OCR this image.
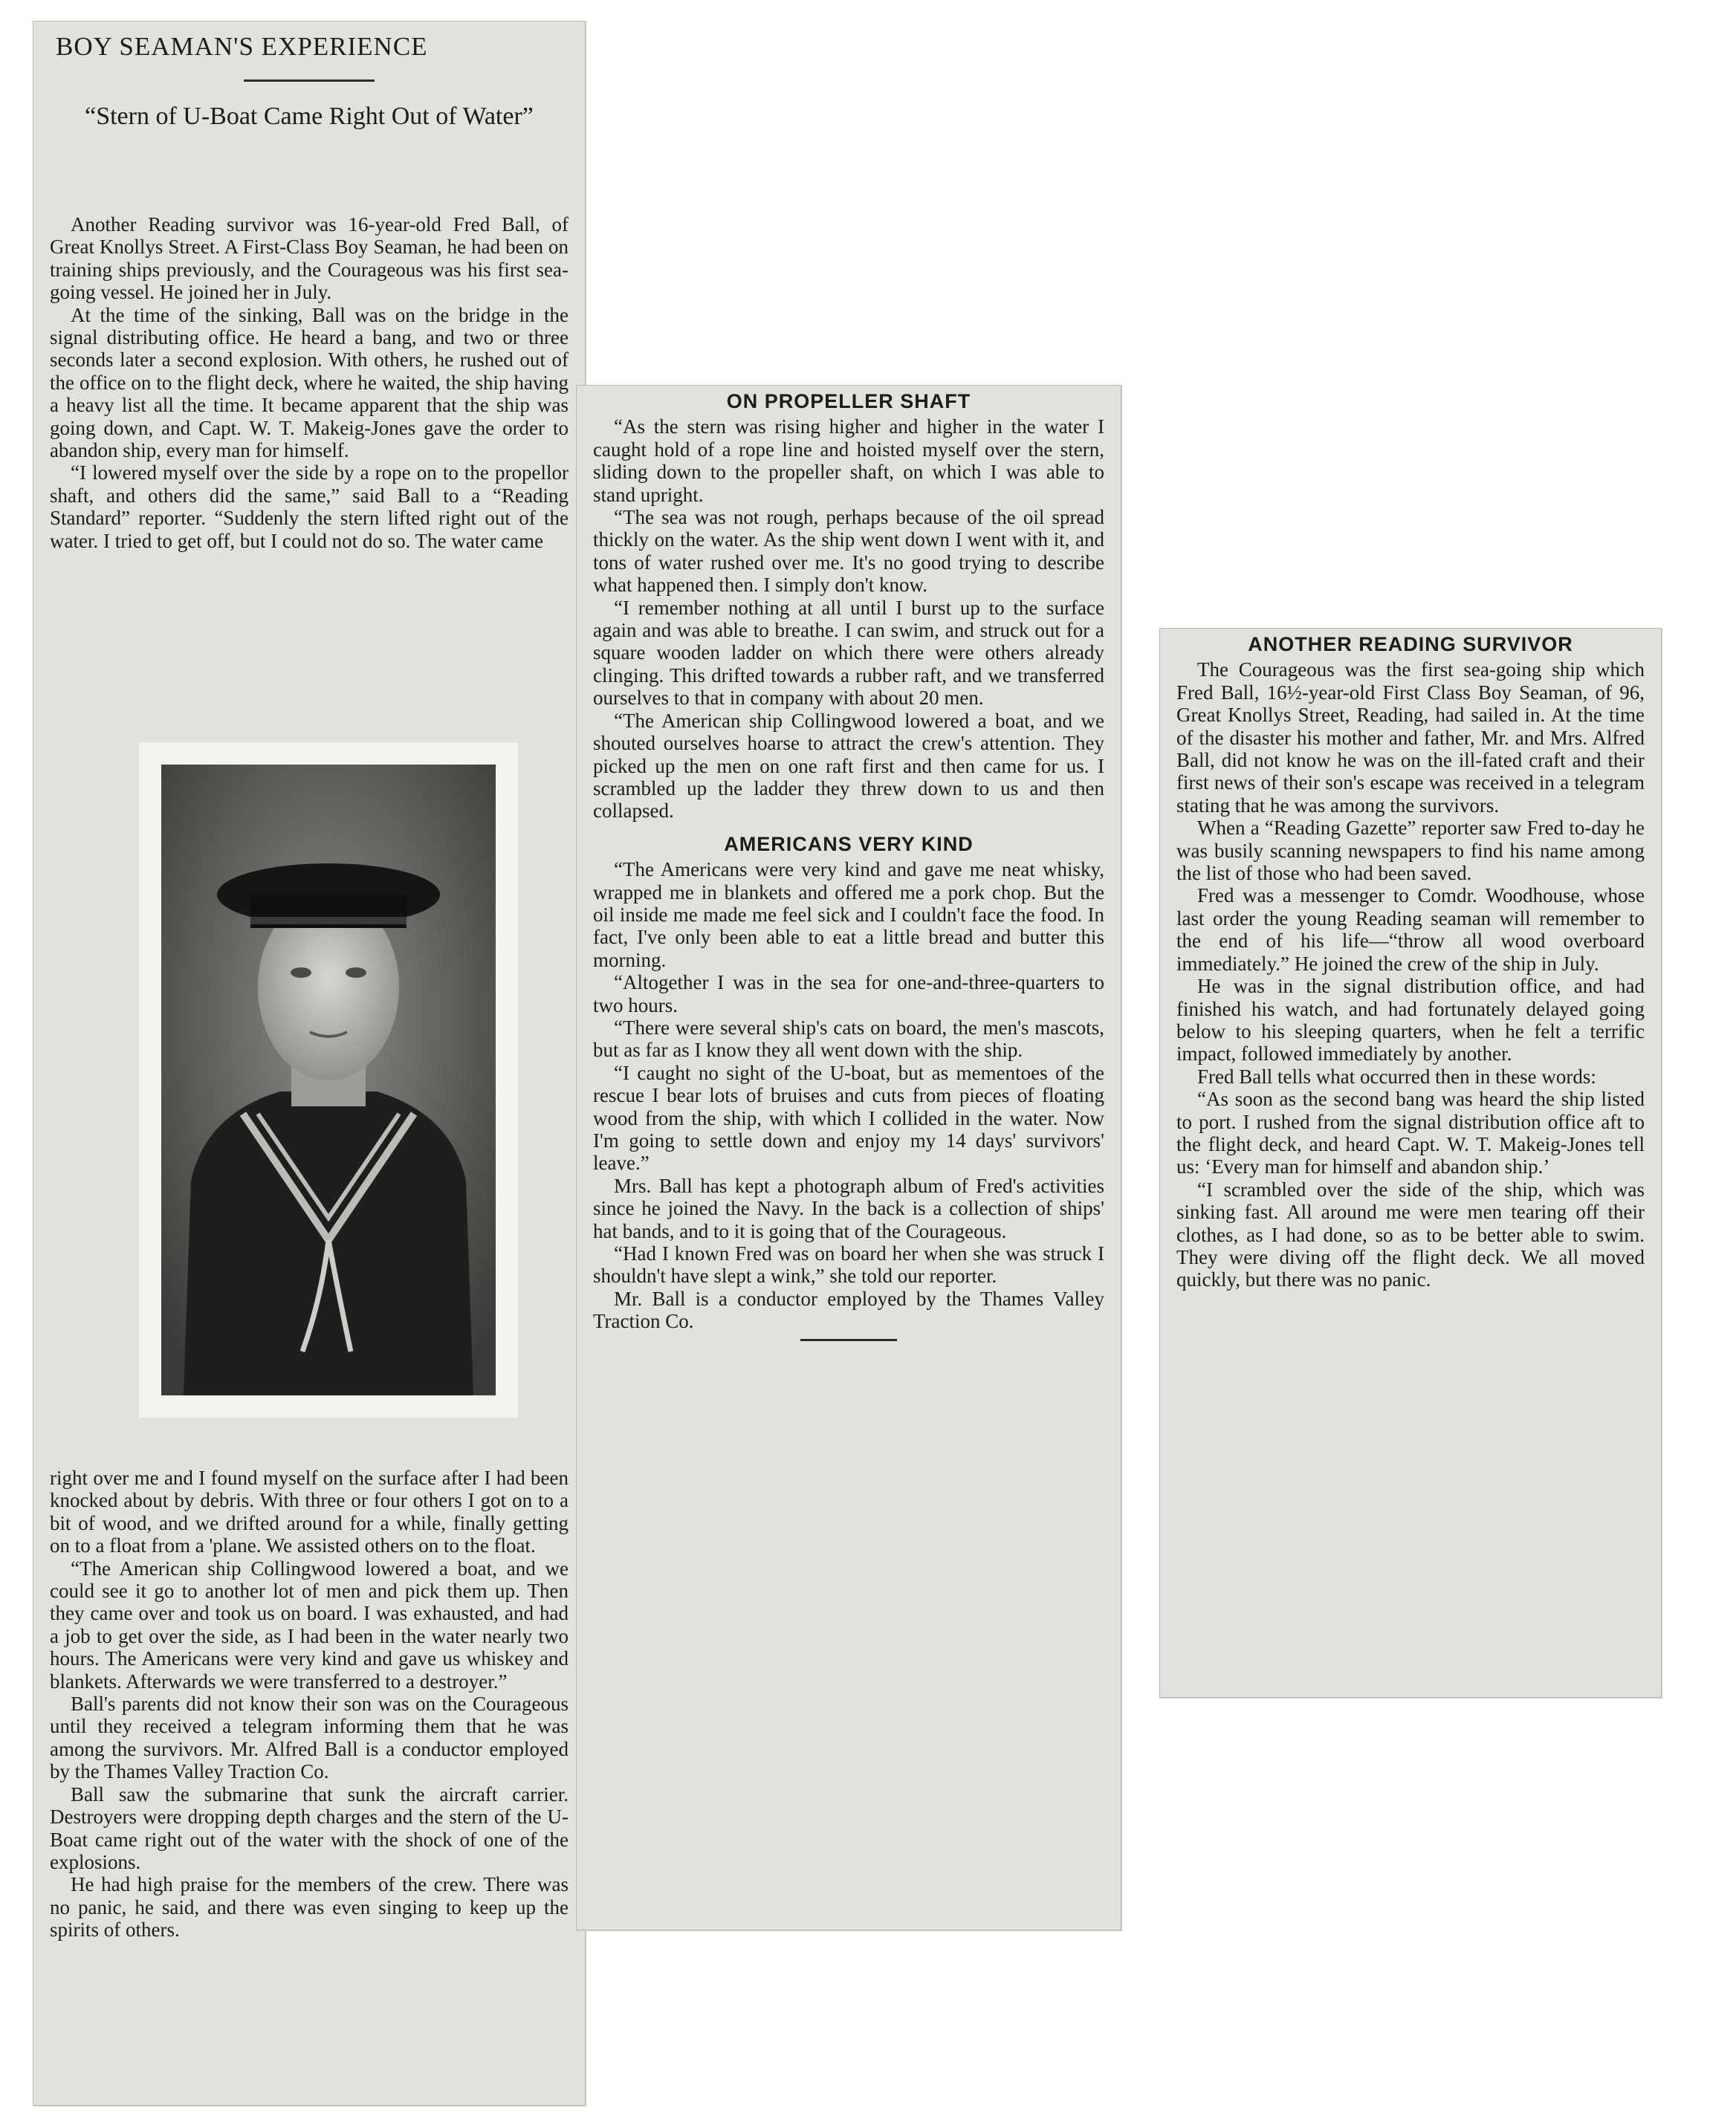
BOY SEAMAN'S EXPERIENCE
“Stern of U-Boat Came Right Out of Water”

Another Reading survivor was 16-year-old Fred Ball, of Great Knollys Street. A First-Class Boy Seaman, he had been on training ships previously, and the Courageous was his first sea-going vessel. He joined her in July.

At the time of the sinking, Ball was on the bridge in the signal distributing office. He heard a bang, and two or three seconds later a second explosion. With others, he rushed out of the office on to the flight deck, where he waited, the ship having a heavy list all the time. It became apparent that the ship was going down, and Capt. W. T. Makeig-Jones gave the order to abandon ship, every man for himself.

“I lowered myself over the side by a rope on to the propellor shaft, and others did the same,” said Ball to a “Reading Standard” reporter. “Suddenly the stern lifted right out of the water. I tried to get off, but I could not do so. The water came

right over me and I found myself on the surface after I had been knocked about by debris. With three or four others I got on to a bit of wood, and we drifted around for a while, finally getting on to a float from a 'plane. We assisted others on to the float.

“The American ship Collingwood lowered a boat, and we could see it go to another lot of men and pick them up. Then they came over and took us on board. I was exhausted, and had a job to get over the side, as I had been in the water nearly two hours. The Americans were very kind and gave us whiskey and blankets. Afterwards we were transferred to a destroyer.”

Ball's parents did not know their son was on the Courageous until they received a telegram informing them that he was among the survivors. Mr. Alfred Ball is a conductor employed by the Thames Valley Traction Co.

Ball saw the submarine that sunk the aircraft carrier. Destroyers were dropping depth charges and the stern of the U-Boat came right out of the water with the shock of one of the explosions.

He had high praise for the members of the crew. There was no panic, he said, and there was even singing to keep up the spirits of others.

ON PROPELLER SHAFT

“As the stern was rising higher and higher in the water I caught hold of a rope line and hoisted myself over the stern, sliding down to the propeller shaft, on which I was able to stand upright.

“The sea was not rough, perhaps because of the oil spread thickly on the water. As the ship went down I went with it, and tons of water rushed over me. It's no good trying to describe what happened then. I simply don't know.

“I remember nothing at all until I burst up to the surface again and was able to breathe. I can swim, and struck out for a square wooden ladder on which there were others already clinging. This drifted towards a rubber raft, and we transferred ourselves to that in company with about 20 men.

“The American ship Collingwood lowered a boat, and we shouted ourselves hoarse to attract the crew's attention. They picked up the men on one raft first and then came for us. I scrambled up the ladder they threw down to us and then collapsed.

AMERICANS VERY KIND

“The Americans were very kind and gave me neat whisky, wrapped me in blankets and offered me a pork chop. But the oil inside me made me feel sick and I couldn't face the food. In fact, I've only been able to eat a little bread and butter this morning.

“Altogether I was in the sea for one-and-three-quarters to two hours.

“There were several ship's cats on board, the men's mascots, but as far as I know they all went down with the ship.

“I caught no sight of the U-boat, but as mementoes of the rescue I bear lots of bruises and cuts from pieces of floating wood from the ship, with which I collided in the water. Now I'm going to settle down and enjoy my 14 days' survivors' leave.”

Mrs. Ball has kept a photograph album of Fred's activities since he joined the Navy. In the back is a collection of ships' hat bands, and to it is going that of the Courageous.

“Had I known Fred was on board her when she was struck I shouldn't have slept a wink,” she told our reporter.

Mr. Ball is a conductor employed by the Thames Valley Traction Co.

ANOTHER READING SURVIVOR

The Courageous was the first sea-going ship which Fred Ball, 16½-year-old First Class Boy Seaman, of 96, Great Knollys Street, Reading, had sailed in. At the time of the disaster his mother and father, Mr. and Mrs. Alfred Ball, did not know he was on the ill-fated craft and their first news of their son's escape was received in a telegram stating that he was among the survivors.

When a “Reading Gazette” reporter saw Fred to-day he was busily scanning newspapers to find his name among the list of those who had been saved.

Fred was a messenger to Comdr. Woodhouse, whose last order the young Reading seaman will remember to the end of his life—“throw all wood overboard immediately.” He joined the crew of the ship in July.

He was in the signal distribution office, and had finished his watch, and had fortunately delayed going below to his sleeping quarters, when he felt a terrific impact, followed immediately by another.

Fred Ball tells what occurred then in these words:

“As soon as the second bang was heard the ship listed to port. I rushed from the signal distribution office aft to the flight deck, and heard Capt. W. T. Makeig-Jones tell us: ‘Every man for himself and abandon ship.’

“I scrambled over the side of the ship, which was sinking fast. All around me were men tearing off their clothes, as I had done, so as to be better able to swim. They were diving off the flight deck. We all moved quickly, but there was no panic.
